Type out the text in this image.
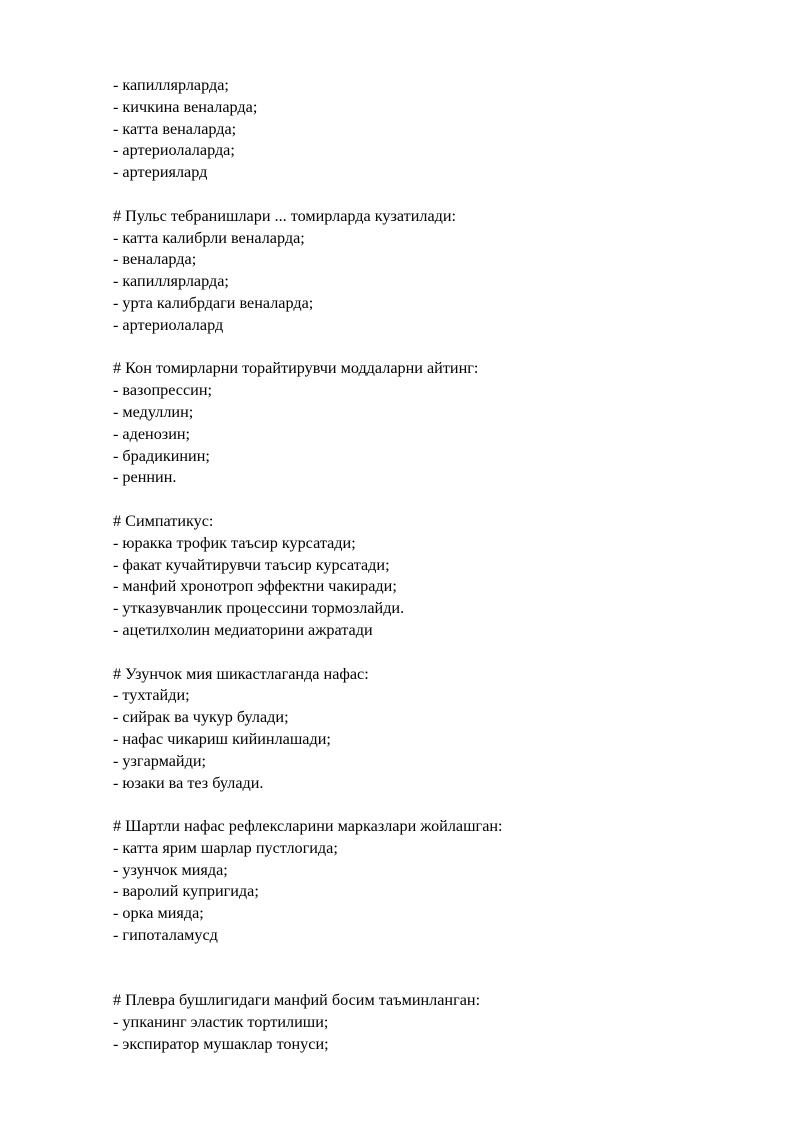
- капиллярларда;
- кичкина веналарда;
- катта веналарда;
- артериолаларда;
- артериялард
# Пульс тебранишлари ... томирларда кузатилади:
- катта калибрли веналарда;
- веналарда;
- капиллярларда;
- урта калибрдаги веналарда;
- артериолалард
# Кон томирларни торайтирувчи моддаларни айтинг:
- вазопрессин;
- медуллин;
- аденозин;
- брадикинин;
- реннин.
# Симпатикус:
- юракка трофик таъсир курсатади;
- факат кучайтирувчи таъсир курсатади;
- манфий хронотроп эффектни чакиради;
- утказувчанлик процессини тормозлайди.
- ацетилхолин медиаторини ажратади
# Узунчок мия шикастлаганда нафас:
- тухтайди;
- сийрак ва чукур булади;
- нафас чикариш кийинлашади;
- узгармайди;
- юзаки ва тез булади.
# Шартли нафас рефлексларини марказлари жойлашган:
- катта ярим шарлар пустлогида;
- узунчок мияда;
- варолий купригида;
- орка мияда;
- гипоталамусд
# Плевра бушлигидаги манфий босим таъминланган:
- упканинг эластик тортилиши;
- экспиратор мушаклар тонуси;
